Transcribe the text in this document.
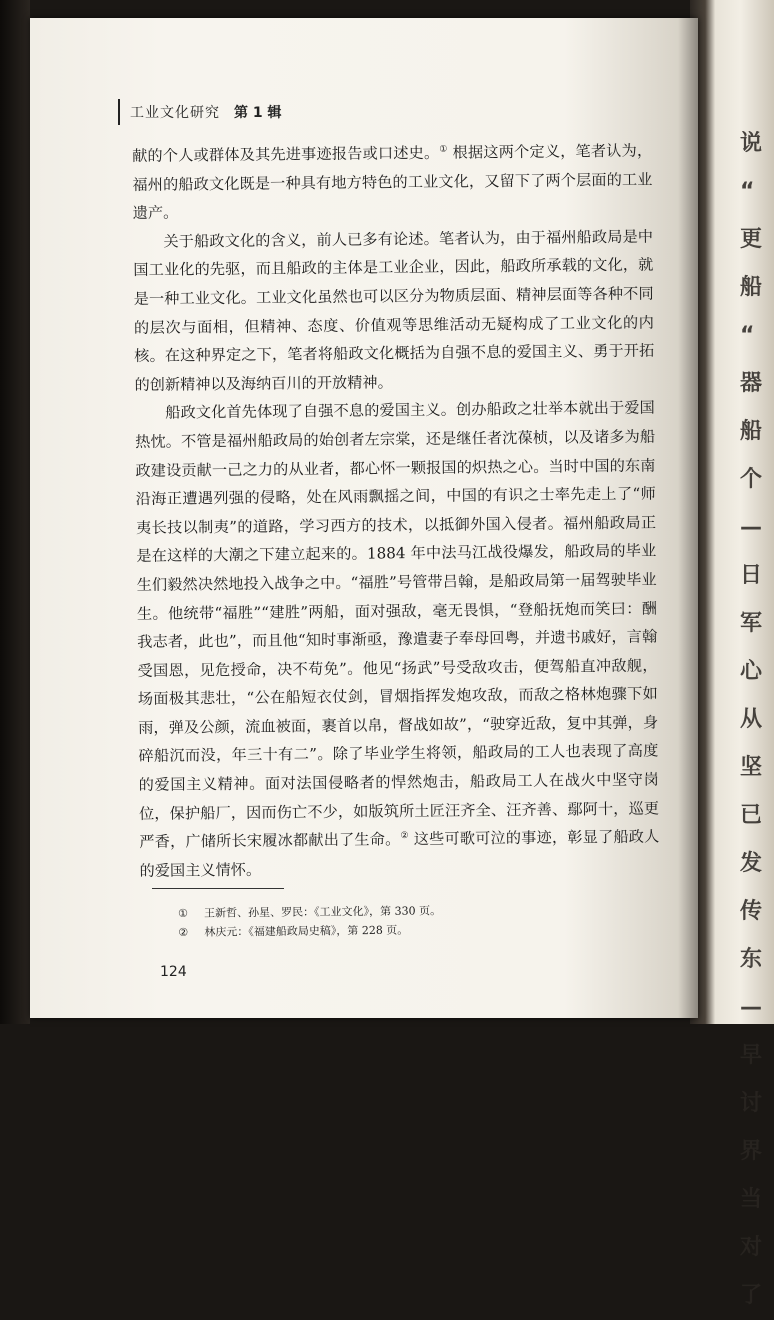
说
“
更
船
“
器
船
个
—
日
军
心
从
坚
已
发
传
东
—
早
讨
界
当
对
了
工业文化研究 第 1 辑

献的个人或群体及其先进事迹报告或口述史。① 根据这两个定义，笔者认为，福州的船政文化既是一种具有地方特色的工业文化，又留下了两个层面的工业遗产。

关于船政文化的含义，前人已多有论述。笔者认为，由于福州船政局是中国工业化的先驱，而且船政的主体是工业企业，因此，船政所承载的文化，就是一种工业文化。工业文化虽然也可以区分为物质层面、精神层面等各种不同的层次与面相，但精神、态度、价值观等思维活动无疑构成了工业文化的内核。在这种界定之下，笔者将船政文化概括为自强不息的爱国主义、勇于开拓的创新精神以及海纳百川的开放精神。

船政文化首先体现了自强不息的爱国主义。创办船政之壮举本就出于爱国热忱。不管是福州船政局的始创者左宗棠，还是继任者沈葆桢，以及诸多为船政建设贡献一己之力的从业者，都心怀一颗报国的炽热之心。当时中国的东南沿海正遭遇列强的侵略，处在风雨飘摇之间，中国的有识之士率先走上了“师夷长技以制夷”的道路，学习西方的技术，以抵御外国入侵者。福州船政局正是在这样的大潮之下建立起来的。1884 年中法马江战役爆发，船政局的毕业生们毅然决然地投入战争之中。“福胜”号管带吕翰，是船政局第一届驾驶毕业生。他统带“福胜”“建胜”两船，面对强敌，毫无畏惧，“登船抚炮而笑曰：酬我志者，此也”，而且他“知时事渐亟，豫遣妻子奉母回粤，并遗书戚好，言翰受国恩，见危授命，决不苟免”。他见“扬武”号受敌攻击，便驾船直冲敌舰，场面极其悲壮，“公在船短衣仗剑，冒烟指挥发炮攻敌，而敌之格林炮骤下如雨，弹及公颜，流血被面，裹首以帛，督战如故”，“驶穿近敌，复中其弹，身碎船沉而没，年三十有二”。除了毕业学生将领，船政局的工人也表现了高度的爱国主义精神。面对法国侵略者的悍然炮击，船政局工人在战火中坚守岗位，保护船厂，因而伤亡不少，如版筑所土匠汪齐全、汪齐善、鄢阿十，巡更严香，广储所长宋履冰都献出了生命。② 这些可歌可泣的事迹，彰显了船政人的爱国主义情怀。

① 王新哲、孙星、罗民：《工业文化》，第 330 页。
② 林庆元：《福建船政局史稿》，第 228 页。
124
